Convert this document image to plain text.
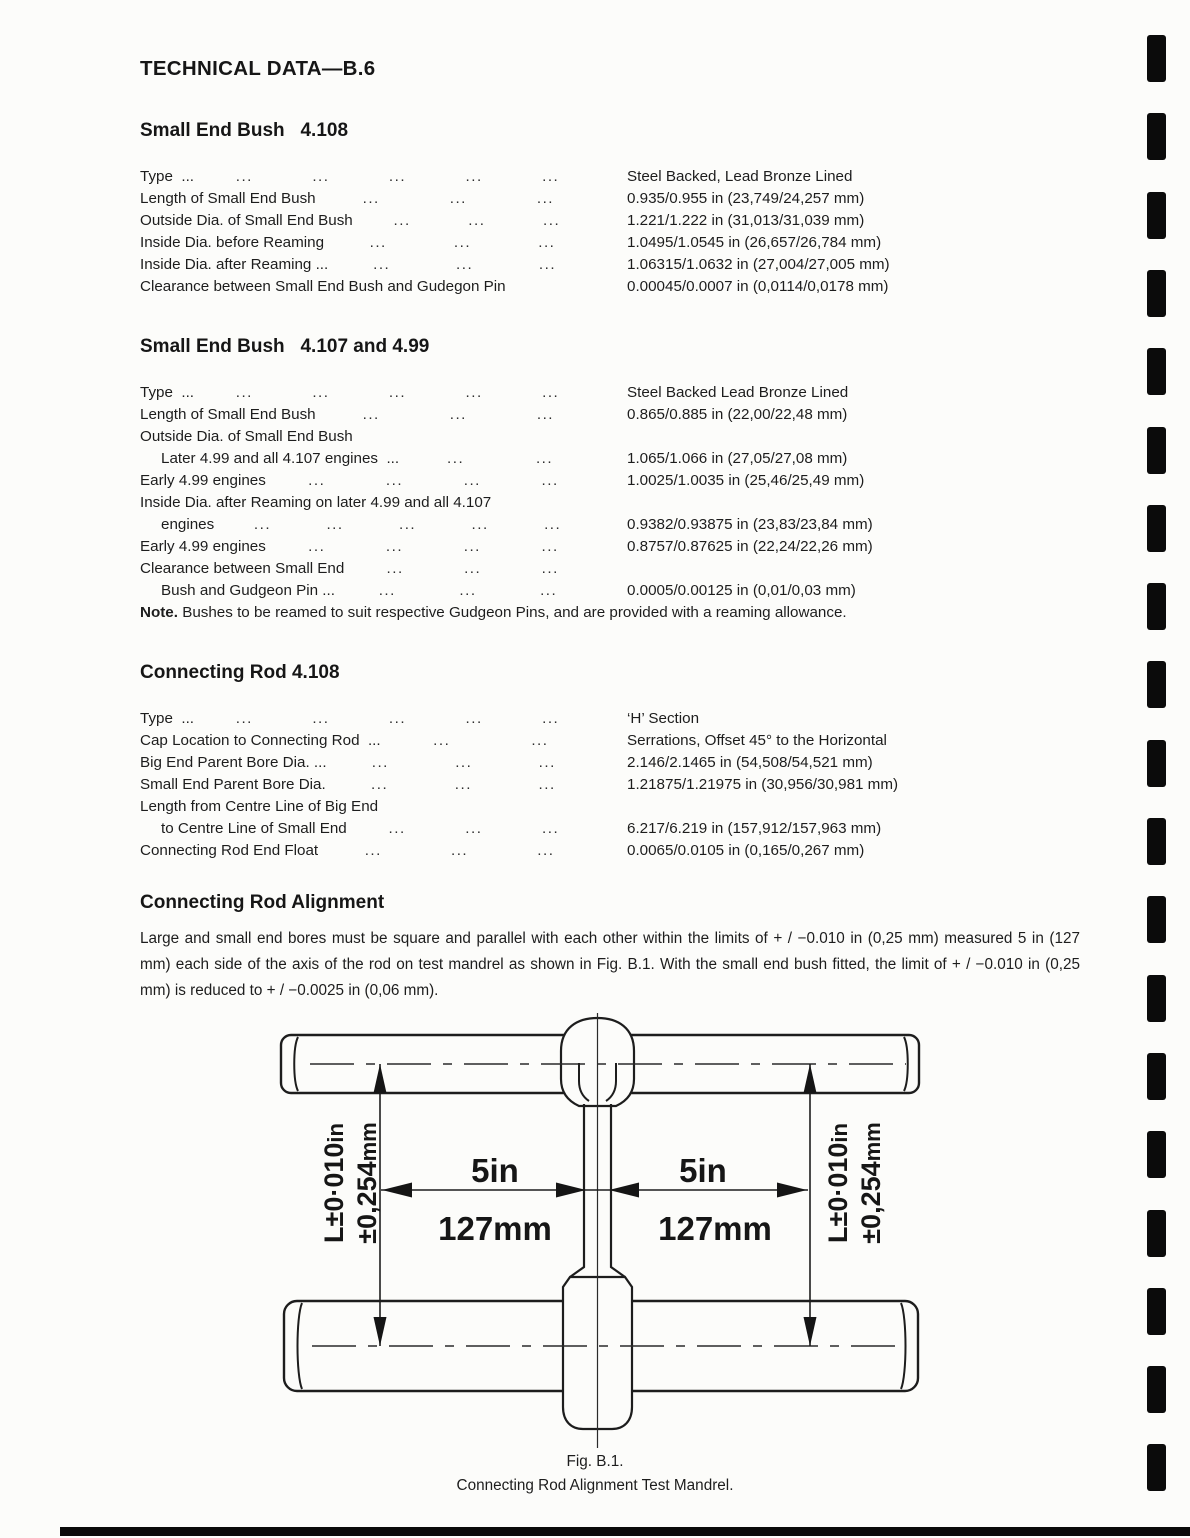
TECHNICAL DATA—B.6
Small End Bush   4.108
Type  ...	...	...	...	...	...	Steel Backed, Lead Bronze Lined
Length of Small End Bush	...	...	...	0.935/0.955 in (23,749/24,257 mm)
Outside Dia. of Small End Bush	...	...	...	1.221/1.222 in (31,013/31,039 mm)
Inside Dia. before Reaming	...	...	...	1.0495/1.0545 in (26,657/26,784 mm)
Inside Dia. after Reaming ...	...	...	...	1.06315/1.0632 in (27,004/27,005 mm)
Clearance between Small End Bush and Gudegon Pin	0.00045/0.0007 in (0,0114/0,0178 mm)
Small End Bush   4.107 and 4.99
Type  ...	...	...	...	...	...	Steel Backed Lead Bronze Lined
Length of Small End Bush	...	...	...	0.865/0.885 in (22,00/22,48 mm)
Outside Dia. of Small End Bush
Later 4.99 and all 4.107 engines  ...	...	...	1.065/1.066 in (27,05/27,08 mm)
Early 4.99 engines	...	...	...	...	1.0025/1.0035 in (25,46/25,49 mm)
Inside Dia. after Reaming on later 4.99 and all 4.107
engines	...	...	...	...	...	0.9382/0.93875 in (23,83/23,84 mm)
Early 4.99 engines	...	...	...	...	0.8757/0.87625 in (22,24/22,26 mm)
Clearance between Small End	...	...	...
Bush and Gudgeon Pin ...	...	...	...	0.0005/0.00125 in (0,01/0,03 mm)

Note. Bushes to be reamed to suit respective Gudgeon Pins, and are provided with a reaming allowance.

Connecting Rod 4.108
Type  ...	...	...	...	...	...	‘H’ Section
Cap Location to Connecting Rod  ...	...	...	Serrations, Offset 45° to the Horizontal
Big End Parent Bore Dia. ...	...	...	...	2.146/2.1465 in (54,508/54,521 mm)
Small End Parent Bore Dia.	...	...	...	1.21875/1.21975 in (30,956/30,981 mm)
Length from Centre Line of Big End
to Centre Line of Small End	...	...	...	6.217/6.219 in (157,912/157,963 mm)
Connecting Rod End Float	...	...	...	0.0065/0.0105 in (0,165/0,267 mm)
Connecting Rod Alignment

Large and small end bores must be square and parallel with each other within the limits of + / −0.010 in (0,25 mm) measured 5 in (127 mm) each side of the axis of the rod on test mandrel as shown in Fig. B.1. With the small end bush fitted, the limit of + / −0.010 in (0,25 mm) is reduced to + / −0.0025 in (0,06 mm).

5in
127mm
5in
127mm
L±0·010in
±0,254mm
L±0·010in
±0,254mm
Fig. B.1.
Connecting Rod Alignment Test Mandrel.
